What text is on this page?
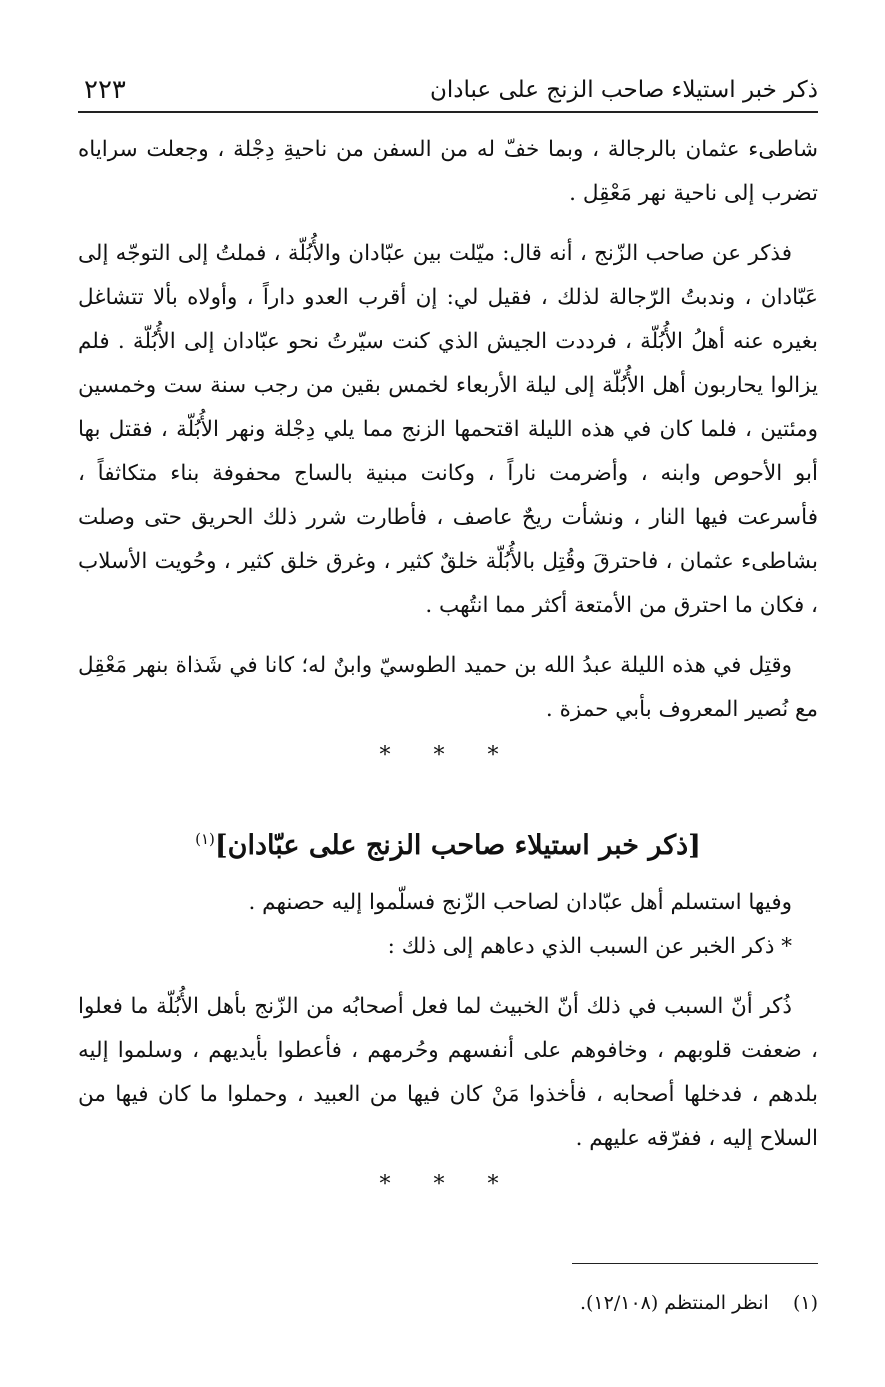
ذكر خبر استيلاء صاحب الزنج على عبادان
٢٢٣

شاطىء عثمان بالرجالة ، وبما خفّ له من السفن من ناحيةِ دِجْلة ، وجعلت سراياه تضرب إلى ناحية نهر مَعْقِل .

فذكر عن صاحب الزّنج ، أنه قال: ميّلت بين عبّادان والأُبُلّة ، فملتُ إلى التوجّه إلى عَبّادان ، وندبتُ الرّجالة لذلك ، فقيل لي: إن أقرب العدو داراً ، وأولاه بألا تتشاغل بغيره عنه أهلُ الأُبُلّة ، فرددت الجيش الذي كنت سيّرتُ نحو عبّادان إلى الأُبُلّة . فلم يزالوا يحاربون أهل الأُبُلّة إلى ليلة الأربعاء لخمس بقين من رجب سنة ست وخمسين ومئتين ، فلما كان في هذه الليلة اقتحمها الزنج مما يلي دِجْلة ونهر الأُبُلّة ، فقتل بها أبو الأحوص وابنه ، وأضرمت ناراً ، وكانت مبنية بالساج محفوفة بناء متكاثفاً ، فأسرعت فيها النار ، ونشأت ريحٌ عاصف ، فأطارت شرر ذلك الحريق حتى وصلت بشاطىء عثمان ، فاحترقَ وقُتِل بالأُبُلّة خلقٌ كثير ، وغرق خلق كثير ، وحُويت الأسلاب ، فكان ما احترق من الأمتعة أكثر مما انتُهب .

وقتِل في هذه الليلة عبدُ الله بن حميد الطوسيّ وابنٌ له؛ كانا في شَذاة بنهر مَعْقِل مع نُصير المعروف بأبي حمزة .

* * *
[ذكر خبر استيلاء صاحب الزنج على عبّادان]$^{(١)}$

وفيها استسلم أهل عبّادان لصاحب الزّنج فسلّموا إليه حصنهم .

* ذكر الخبر عن السبب الذي دعاهم إلى ذلك :

ذُكر أنّ السبب في ذلك أنّ الخبيث لما فعل أصحابُه من الزّنج بأهل الأُبُلّة ما فعلوا ، ضعفت قلوبهم ، وخافوهم على أنفسهم وحُرمهم ، فأعطوا بأيديهم ، وسلموا إليه بلدهم ، فدخلها أصحابه ، فأخذوا مَنْ كان فيها من العبيد ، وحملوا ما كان فيها من السلاح إليه ، ففرّقه عليهم .

* * *
(١)    انظر المنتظم (١٢/١٠٨).
